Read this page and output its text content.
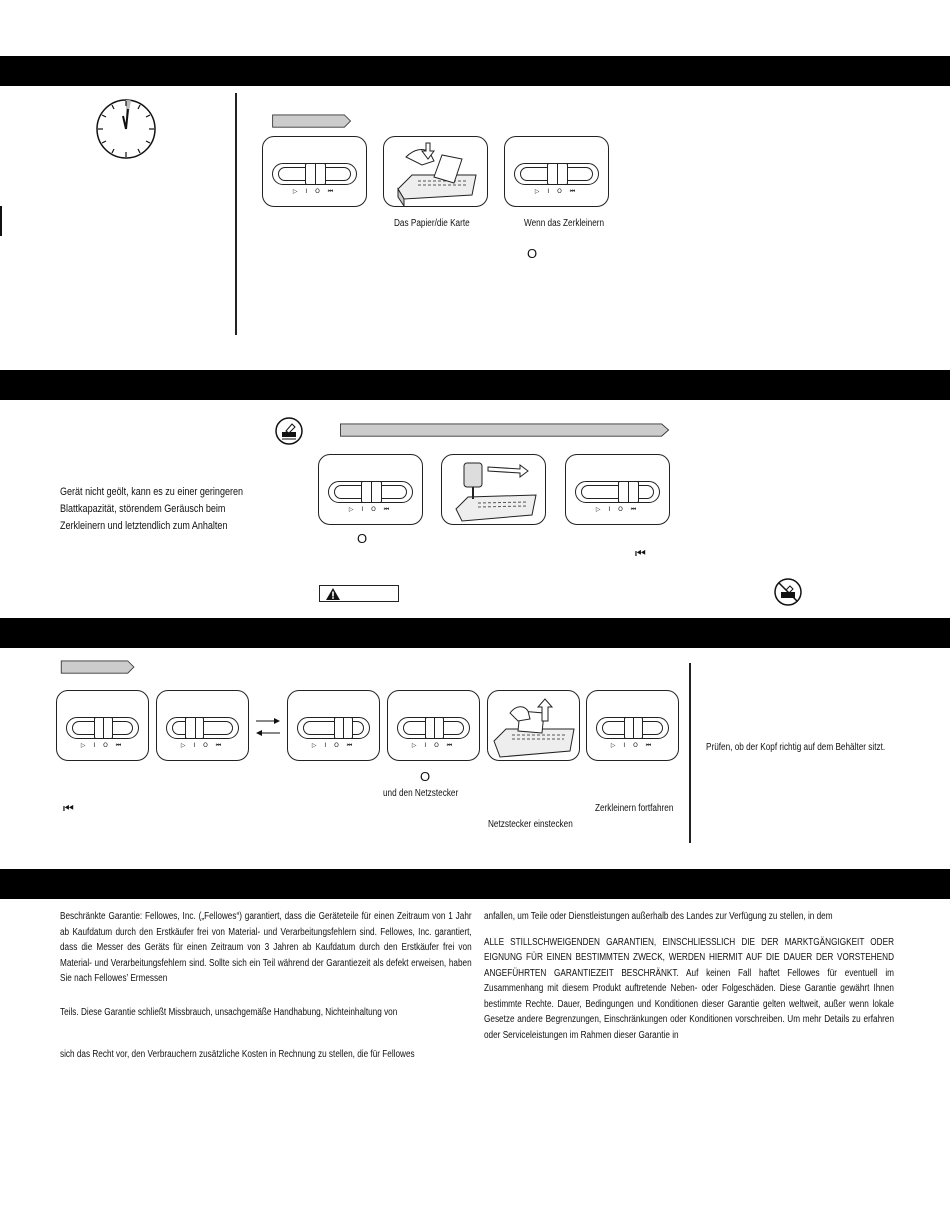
▷ I O ⏮	▷ I O ⏮
Das Papier/die Karte	Wenn das Zerkleinern
O
Gerät nicht geölt, kann es zu einer geringeren
Blattkapazität, störendem Geräusch beim
Zerkleinern und letztendlich zum Anhalten
▷ I O ⏮	▷ I O ⏮
O
⏮
▷ I O ⏮	▷ I O ⏮	▷ I O ⏮	▷ I O ⏮	▷ I O ⏮
O
und den Netzstecker
⏮	Zerkleinern fortfahren
Netzstecker einstecken
Prüfen, ob der Kopf richtig auf dem Behälter sitzt.
Beschränkte Garantie: Fellowes, Inc. („Fellowes“) garantiert, dass die Geräteteile für einen Zeitraum von 1 Jahr ab Kaufdatum durch den Erstkäufer frei von Material- und Verarbeitungsfehlern sind. Fellowes, Inc. garantiert, dass die Messer des Geräts für einen Zeitraum von 3 Jahren ab Kaufdatum durch den Erstkäufer frei von Material- und Verarbeitungsfehlern sind. Sollte sich ein Teil während der Garantiezeit als defekt erweisen, haben Sie nach Fellowes’ Ermessen
Teils. Diese Garantie schließt Missbrauch, unsachgemäße Handhabung, Nichteinhaltung von
sich das Recht vor, den Verbrauchern zusätzliche Kosten in Rechnung zu stellen, die für Fellowes
anfallen, um Teile oder Dienstleistungen außerhalb des Landes zur Verfügung zu stellen, in dem
ALLE STILLSCHWEIGENDEN GARANTIEN, EINSCHLIESSLICH DIE DER MARKTGÄNGIGKEIT ODER EIGNUNG FÜR EINEN BESTIMMTEN ZWECK, WERDEN HIERMIT AUF DIE DAUER DER VORSTEHEND ANGEFÜHRTEN GARANTIEZEIT BESCHRÄNKT. Auf keinen Fall haftet Fellowes für eventuell im Zusammenhang mit diesem Produkt auftretende Neben- oder Folgeschäden. Diese Garantie gewährt Ihnen bestimmte Rechte. Dauer, Bedingungen und Konditionen dieser Garantie gelten weltweit, außer wenn lokale Gesetze andere Begrenzungen, Einschränkungen oder Konditionen vorschreiben. Um mehr Details zu erfahren oder Serviceleistungen im Rahmen dieser Garantie in
